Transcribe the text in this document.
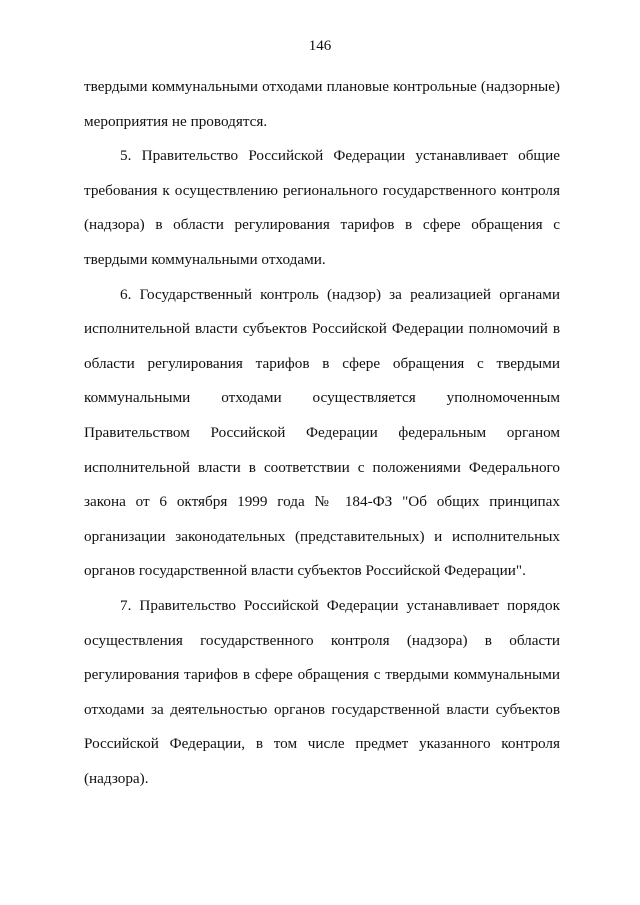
146
твердыми коммунальными отходами плановые контрольные (надзорные)
мероприятия не проводятся.
5. Правительство Российской Федерации устанавливает общие
требования к осуществлению регионального государственного контроля
(надзора) в области регулирования тарифов в сфере обращения с
твердыми коммунальными отходами.
6. Государственный контроль (надзор) за реализацией органами
исполнительной власти субъектов Российской Федерации полномочий в
области регулирования тарифов в сфере обращения с твердыми
коммунальными отходами осуществляется уполномоченным
Правительством Российской Федерации федеральным органом
исполнительной власти в соответствии с положениями Федерального
закона от 6 октября 1999 года № 184-ФЗ "Об общих принципах
организации законодательных (представительных) и исполнительных
органов государственной власти субъектов Российской Федерации".
7. Правительство Российской Федерации устанавливает порядок
осуществления государственного контроля (надзора) в области
регулирования тарифов в сфере обращения с твердыми коммунальными
отходами за деятельностью органов государственной власти субъектов
Российской Федерации, в том числе предмет указанного контроля
(надзора).
